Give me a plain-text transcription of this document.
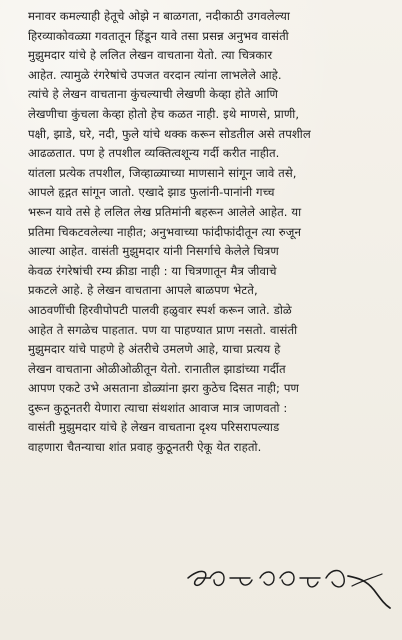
मनावर कमल्याही हेतूचे ओझे न बाळगता, नदीकाठी उगवलेल्या
हिरव्याकोवळ्या गवतातून हिंडून यावे तसा प्रसन्न अनुभव वासंती
मुझुमदार यांचे हे ललित लेखन वाचताना येतो. त्या चित्रकार
आहेत. त्यामुळे रंगरेषांचे उपजत वरदान त्यांना लाभलेले आहे.
त्यांचे हे लेखन वाचताना कुंचल्याची लेखणी केव्हा होते आणि
लेखणीचा कुंचला केव्हा होतो हेच कळत नाही. इथे माणसे, प्राणी,
पक्षी, झाडे, घरे, नदी, फुले यांचे थक्क करून सोडतील असे तपशील
आढळतात. पण हे तपशील व्यक्तित्वशून्य गर्दी करीत नाहीत.
यांतला प्रत्येक तपशील, जिव्हाळ्याच्या माणसाने सांगून जावे तसे,
आपले हृद्गत सांगून जातो. एखादे झाड फुलांनी-पानांनी गच्च
भरून यावे तसे हे ललित लेख प्रतिमांनी बहरून आलेले आहेत. या
प्रतिमा चिकटवलेल्या नाहीत; अनुभवाच्या फांदीफांदीतून त्या रुजून
आल्या आहेत. वासंती मुझुमदार यांनी निसर्गाचे केलेले चित्रण
केवळ रंगरेषांची रम्य क्रीडा नाही : या चित्रणातून मैत्र जीवाचे
प्रकटले आहे. हे लेखन वाचताना आपले बाळपण भेटते,
आठवणींची हिरवीपोपटी पालवी हळुवार स्पर्श करून जाते. डोळे
आहेत ते सगळेच पाहतात. पण या पाहण्यात प्राण नसतो. वासंती
मुझुमदार यांचे पाहणे हे अंतरीचे उमलणे आहे, याचा प्रत्यय हे
लेखन वाचताना ओळीओळीतून येतो. रानातील झाडांच्या गर्दीत
आपण एकटे उभे असताना डोळ्यांना झरा कुठेच दिसत नाही; पण
दुरून कुठूनतरी येणारा त्याचा संथशांत आवाज मात्र जाणवतो :
वासंती मुझुमदार यांचे हे लेखन वाचताना दृश्य परिसरापल्याड
वाहणारा चैतन्याचा शांत प्रवाह कुठूनतरी ऐकू येत राहतो.
